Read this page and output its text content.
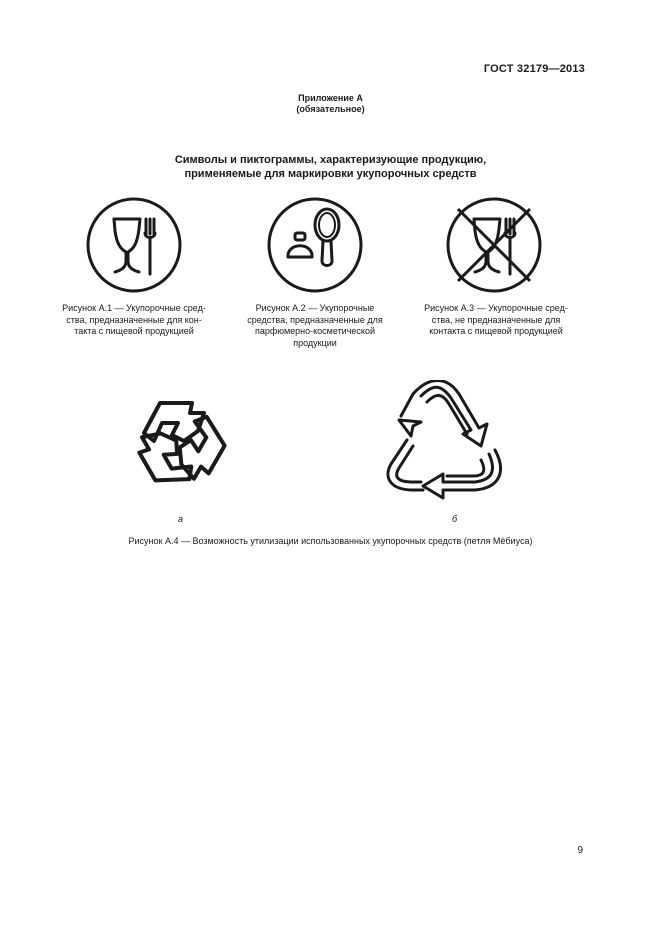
ГОСТ 32179—2013
Приложение А
(обязательное)
Символы и пиктограммы, характеризующие продукцию,
применяемые для маркировки укупорочных средств
Рисунок А.1 — Укупорочные сред-
ства, предназначенные для кон-
такта с пищевой продукцией
Рисунок А.2 — Укупорочные
средства, предназначенные для
парфюмерно-косметической
продукции
Рисунок А.3 — Укупорочные сред-
ства, не предназначенные для
контакта с пищевой продукцией
а	б
Рисунок А.4 — Возможность утилизации использованных укупорочных средств (петля Мёбиуса)
9
